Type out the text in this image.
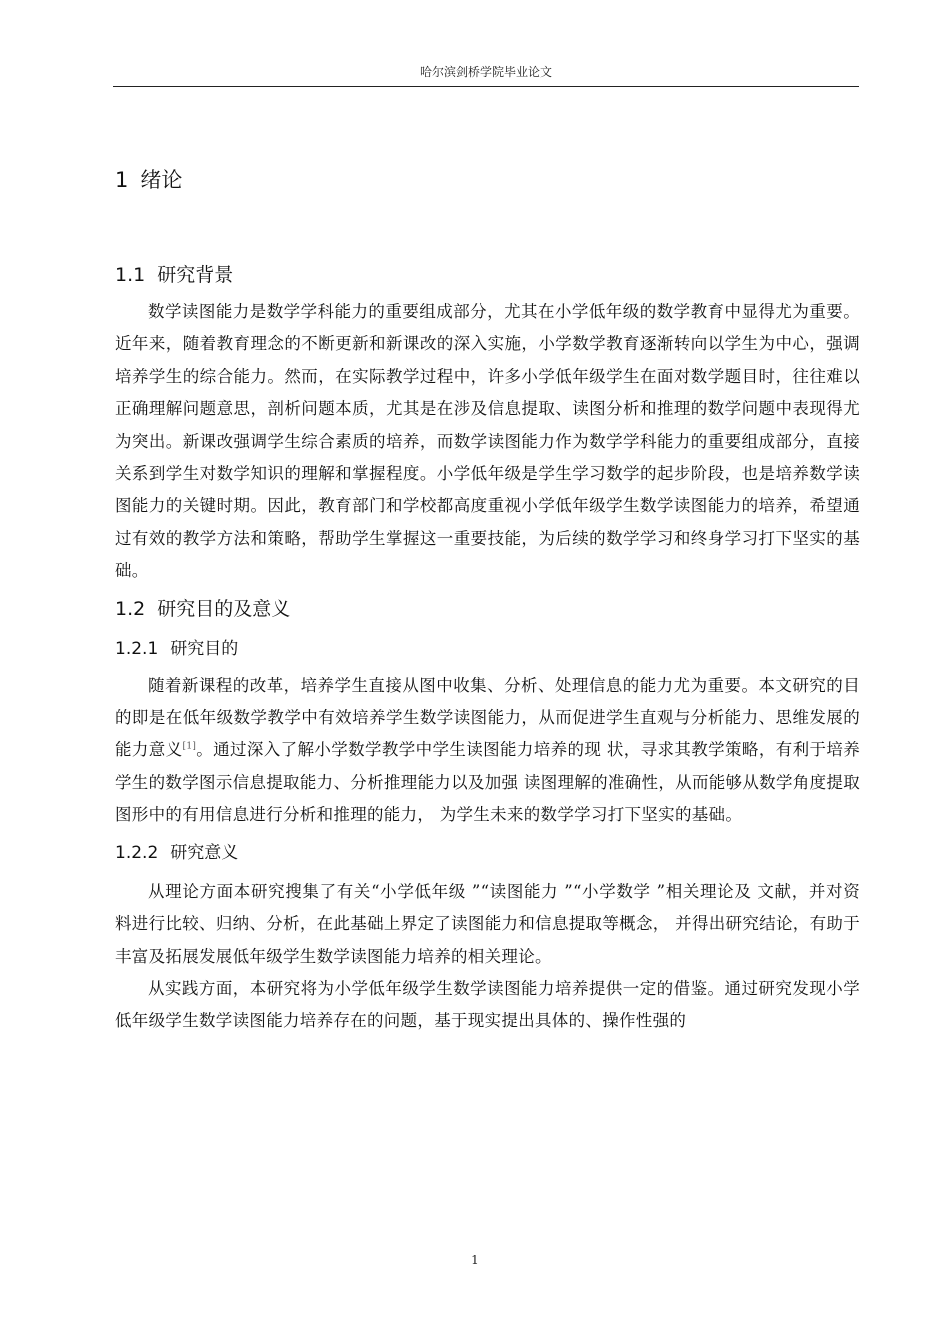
哈尔滨剑桥学院毕业论文
1 绪论
1.1 研究背景

数学读图能力是数学学科能力的重要组成部分，尤其在小学低年级的数学教育中显得尤为重要。近年来，随着教育理念的不断更新和新课改的深入实施，小学数学教育逐渐转向以学生为中心，强调培养学生的综合能力。然而，在实际教学过程中，许多小学低年级学生在面对数学题目时，往往难以正确理解问题意思，剖析问题本质，尤其是在涉及信息提取、读图分析和推理的数学问题中表现得尤为突出。新课改强调学生综合素质的培养，而数学读图能力作为数学学科能力的重要组成部分，直接关系到学生对数学知识的理解和掌握程度。小学低年级是学生学习数学的起步阶段，也是培养数学读图能力的关键时期。因此，教育部门和学校都高度重视小学低年级学生数学读图能力的培养，希望通过有效的教学方法和策略，帮助学生掌握这一重要技能，为后续的数学学习和终身学习打下坚实的基础。

1.2 研究目的及意义
1.2.1 研究目的

随着新课程的改革，培养学生直接从图中收集、分析、处理信息的能力尤为重要。本文研究的目的即是在低年级数学教学中有效培养学生数学读图能力，从而促进学生直观与分析能力、思维发展的能力意义[1]。通过深入了解小学数学教学中学生读图能力培养的现 状，寻求其教学策略，有利于培养学生的数学图示信息提取能力、分析推理能力以及加强 读图理解的准确性，从而能够从数学角度提取图形中的有用信息进行分析和推理的能力， 为学生未来的数学学习打下坚实的基础。

1.2.2 研究意义

从理论方面本研究搜集了有关“小学低年级 ”“读图能力 ”“小学数学 ”相关理论及 文献，并对资料进行比较、归纳、分析，在此基础上界定了读图能力和信息提取等概念， 并得出研究结论，有助于丰富及拓展发展低年级学生数学读图能力培养的相关理论。

从实践方面，本研究将为小学低年级学生数学读图能力培养提供一定的借鉴。通过研究发现小学低年级学生数学读图能力培养存在的问题，基于现实提出具体的、操作性强的

1
